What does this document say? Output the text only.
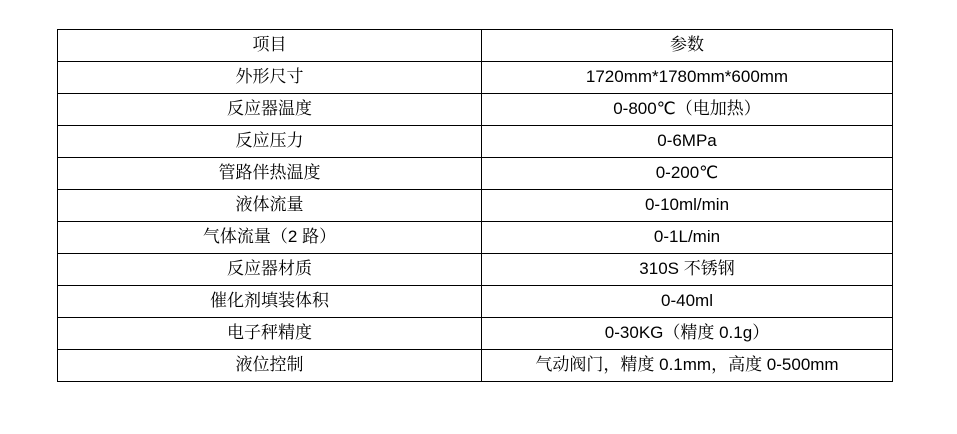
项目	参数
外形尺寸	1720mm*1780mm*600mm
反应器温度	0-800℃（电加热）
反应压力	0-6MPa
管路伴热温度	0-200℃
液体流量	0-10ml/min
气体流量（2 路）	0-1L/min
反应器材质	310S 不锈钢
催化剂填装体积	0-40ml
电子秤精度	0-30KG（精度 0.1g）
液位控制	气动阀门，精度 0.1mm，高度 0-500mm
